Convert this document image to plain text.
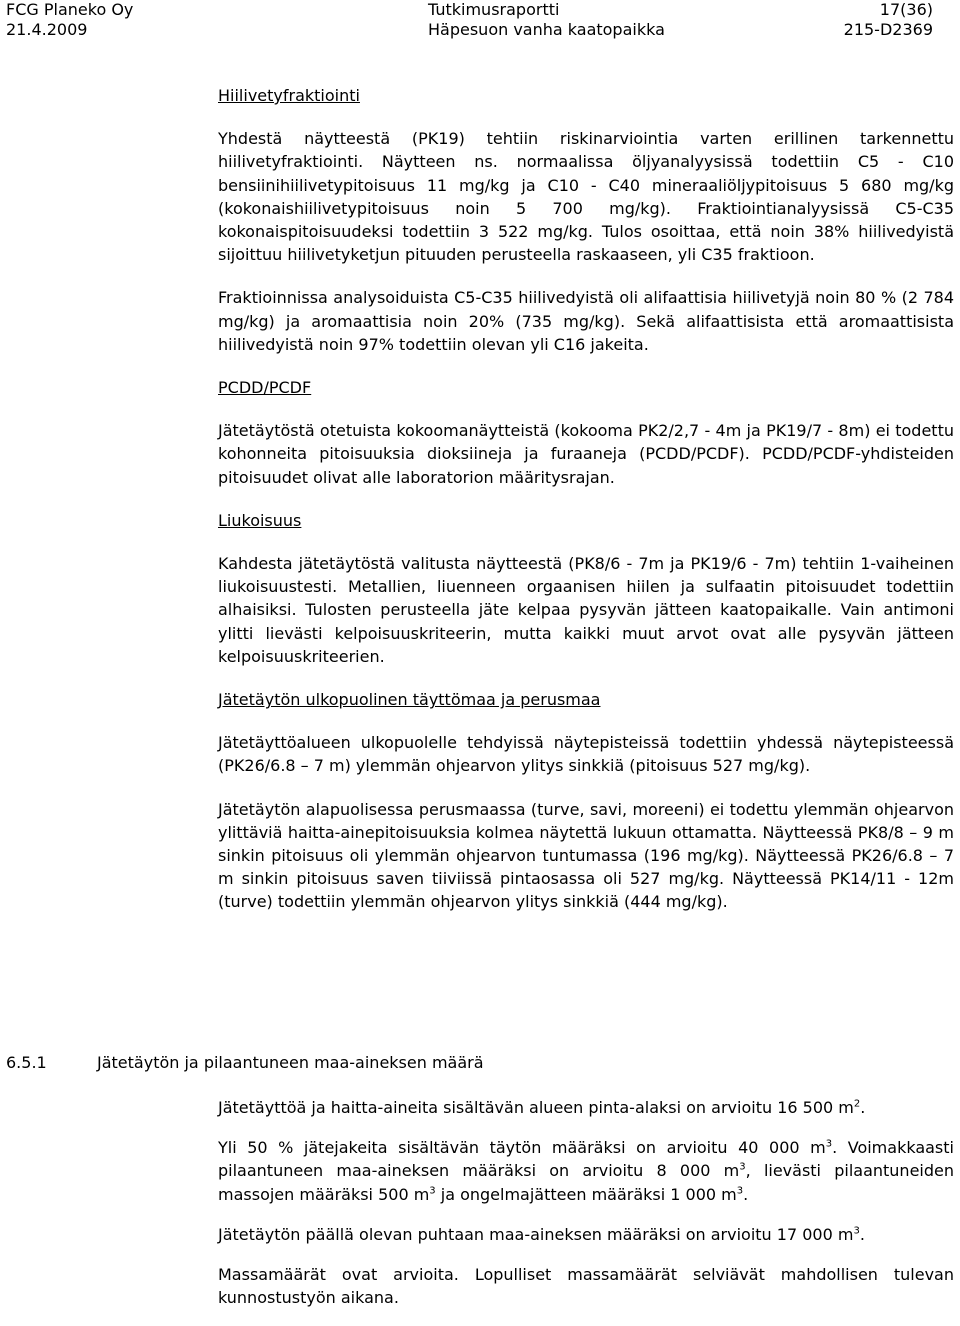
FCG Planeko Oy
21.4.2009
Tutkimusraportti
Häpesuon vanha kaatopaikka
17(36)
215-D2369
Hiilivetyfraktiointi

Yhdestä näytteestä (PK19) tehtiin riskinarviointia varten erillinen tarkennettu hiilivetyfraktiointi. Näytteen ns. normaalissa öljyanalyysissä todettiin C5 - C10 bensiinihiilivetypitoisuus 11 mg/kg ja C10 - C40 mineraaliöljypitoisuus 5 680 mg/kg (kokonaishiilivetypitoisuus noin 5 700 mg/kg). Fraktiointianalyysissä C5-C35 kokonaispitoisuudeksi todettiin 3 522 mg/kg. Tulos osoittaa, että noin 38% hiilivedyistä sijoittuu hiilivetyketjun pituuden perusteella raskaaseen, yli C35 fraktioon.

Fraktioinnissa analysoiduista C5-C35 hiilivedyistä oli alifaattisia hiilivetyjä noin 80 % (2 784 mg/kg) ja aromaattisia noin 20% (735 mg/kg). Sekä alifaattisista että aromaattisista hiilivedyistä noin 97% todettiin olevan yli C16 jakeita.

PCDD/PCDF

Jätetäytöstä otetuista kokoomanäytteistä (kokooma PK2/2,7 - 4m ja PK19/7 - 8m) ei todettu kohonneita pitoisuuksia dioksiineja ja furaaneja (PCDD/PCDF). PCDD/PCDF-yhdisteiden pitoisuudet olivat alle laboratorion määritysrajan.

Liukoisuus

Kahdesta jätetäytöstä valitusta näytteestä (PK8/6 - 7m ja PK19/6 - 7m) tehtiin 1-vaiheinen liukoisuustesti. Metallien, liuenneen orgaanisen hiilen ja sulfaatin pitoisuudet todettiin alhaisiksi. Tulosten perusteella jäte kelpaa pysyvän jätteen kaatopaikalle. Vain antimoni ylitti lievästi kelpoisuuskriteerin, mutta kaikki muut arvot ovat alle pysyvän jätteen kelpoisuuskriteerien.

Jätetäytön ulkopuolinen täyttömaa ja perusmaa

Jätetäyttöalueen ulkopuolelle tehdyissä näytepisteissä todettiin yhdessä näytepisteessä (PK26/6.8 – 7 m) ylemmän ohjearvon ylitys sinkkiä (pitoisuus 527 mg/kg).

Jätetäytön alapuolisessa perusmaassa (turve, savi, moreeni) ei todettu ylemmän ohjearvon ylittäviä haitta-ainepitoisuuksia kolmea näytettä lukuun ottamatta. Näytteessä PK8/8 – 9 m sinkin pitoisuus oli ylemmän ohjearvon tuntumassa (196 mg/kg). Näytteessä PK26/6.8 – 7 m sinkin pitoisuus saven tiiviissä pintaosassa oli 527 mg/kg. Näytteessä PK14/11 - 12m (turve) todettiin ylemmän ohjearvon ylitys sinkkiä (444 mg/kg).

6.5.1	Jätetäytön ja pilaantuneen maa-aineksen määrä

Jätetäyttöä ja haitta-aineita sisältävän alueen pinta-alaksi on arvioitu 16 500 $m^2$.

Yli 50 % jätejakeita sisältävän täytön määräksi on arvioitu 40 000 $m^3$. Voimakkaasti pilaantuneen maa-aineksen määräksi on arvioitu 8 000 $m^3$, lievästi pilaantuneiden massojen määräksi 500 $m^3$ ja ongelmajätteen määräksi 1 000 $m^3$.

Jätetäytön päällä olevan puhtaan maa-aineksen määräksi on arvioitu 17 000 $m^3$.

Massamäärät ovat arvioita. Lopulliset massamäärät selviävät mahdollisen tulevan kunnostustyön aikana.
